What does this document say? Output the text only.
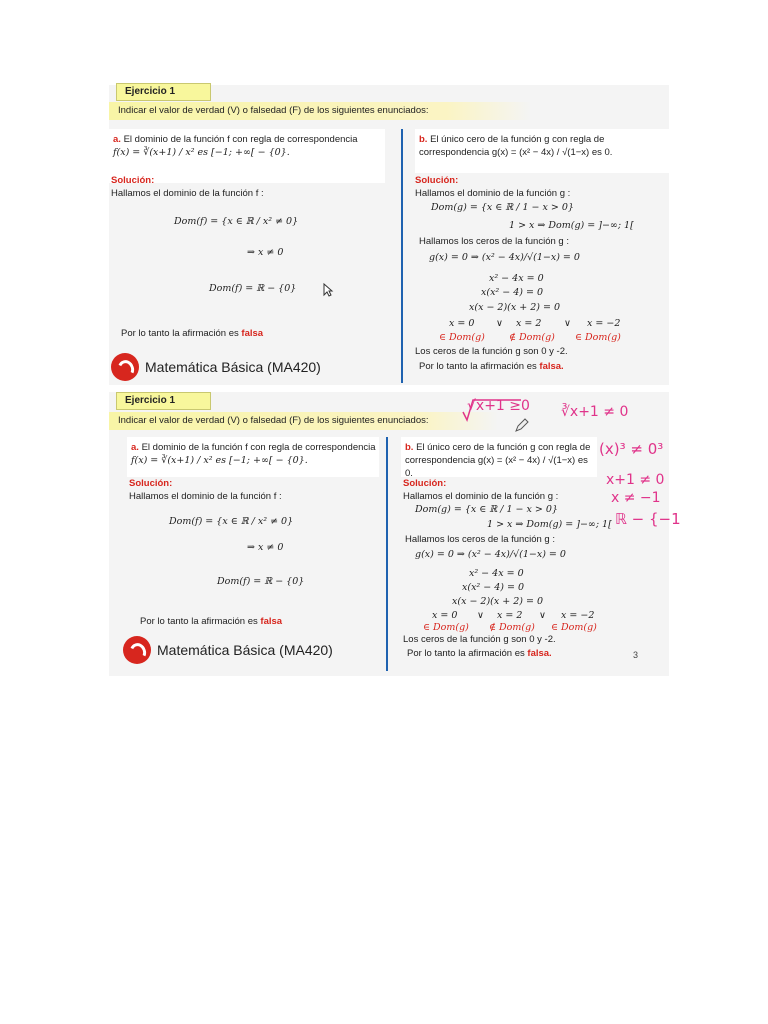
Ejercicio 1
Indicar el valor de verdad (V) o falsedad (F) de los siguientes enunciados:
a. El dominio de la función f con regla de correspondencia
f(x) = ∛(x+1) / x² es [−1; +∞[ − {0}.
b. El único cero de la función g con regla de
correspondencia g(x) = (x² − 4x) / √(1−x) es 0.
Solución:
Hallamos el dominio de la función f :
Dom(f) = {x ∈ ℝ / x² ≠ 0}
⇒ x ≠ 0
Dom(f) = ℝ − {0}
Por lo tanto la afirmación es falsa
Solución:
Hallamos el dominio de la función g :
Dom(g) = {x ∈ ℝ / 1 − x > 0}
1 > x ⇒ Dom(g) = ]−∞; 1[
Hallamos los ceros de la función g :
g(x) = 0 ⇒ (x² − 4x)/√(1−x) = 0
x² − 4x = 0
x(x² − 4) = 0
x(x − 2)(x + 2) = 0
x = 0 ∨ x = 2 ∨ x = −2
∈ Dom(g)	∉ Dom(g) ∈ Dom(g)
Los ceros de la función g son 0 y -2.
Por lo tanto la afirmación es falsa.
Matemática Básica (MA420)
Ejercicio 1
Indicar el valor de verdad (V) o falsedad (F) de los siguientes enunciados:
a. El dominio de la función f con regla de correspondencia
f(x) = ∛(x+1) / x² es [−1; +∞[ − {0}.
b. El único cero de la función g con regla de
correspondencia g(x) = (x² − 4x) / √(1−x) es 0.
Solución:
Hallamos el dominio de la función f :
Dom(f) = {x ∈ ℝ / x² ≠ 0}
⇒ x ≠ 0
Dom(f) = ℝ − {0}
Por lo tanto la afirmación es falsa
Solución:
Hallamos el dominio de la función g :
Dom(g) = {x ∈ ℝ / 1 − x > 0}
1 > x ⇒ Dom(g) = ]−∞; 1[
Hallamos los ceros de la función g :
g(x) = 0 ⇒ (x² − 4x)/√(1−x) = 0
x² − 4x = 0
x(x² − 4) = 0
x(x − 2)(x + 2) = 0
x = 0 ∨ x = 2 ∨ x = −2
∈ Dom(g) ∉ Dom(g) ∈ Dom(g)
Los ceros de la función g son 0 y -2.
Por lo tanto la afirmación es falsa.	3
Matemática Básica (MA420)
√x+1 ≥0 ∛x+1 ≠ 0
(x)³ ≠ 0³
x+1 ≠ 0
x ≠ −1
ℝ − {−1
